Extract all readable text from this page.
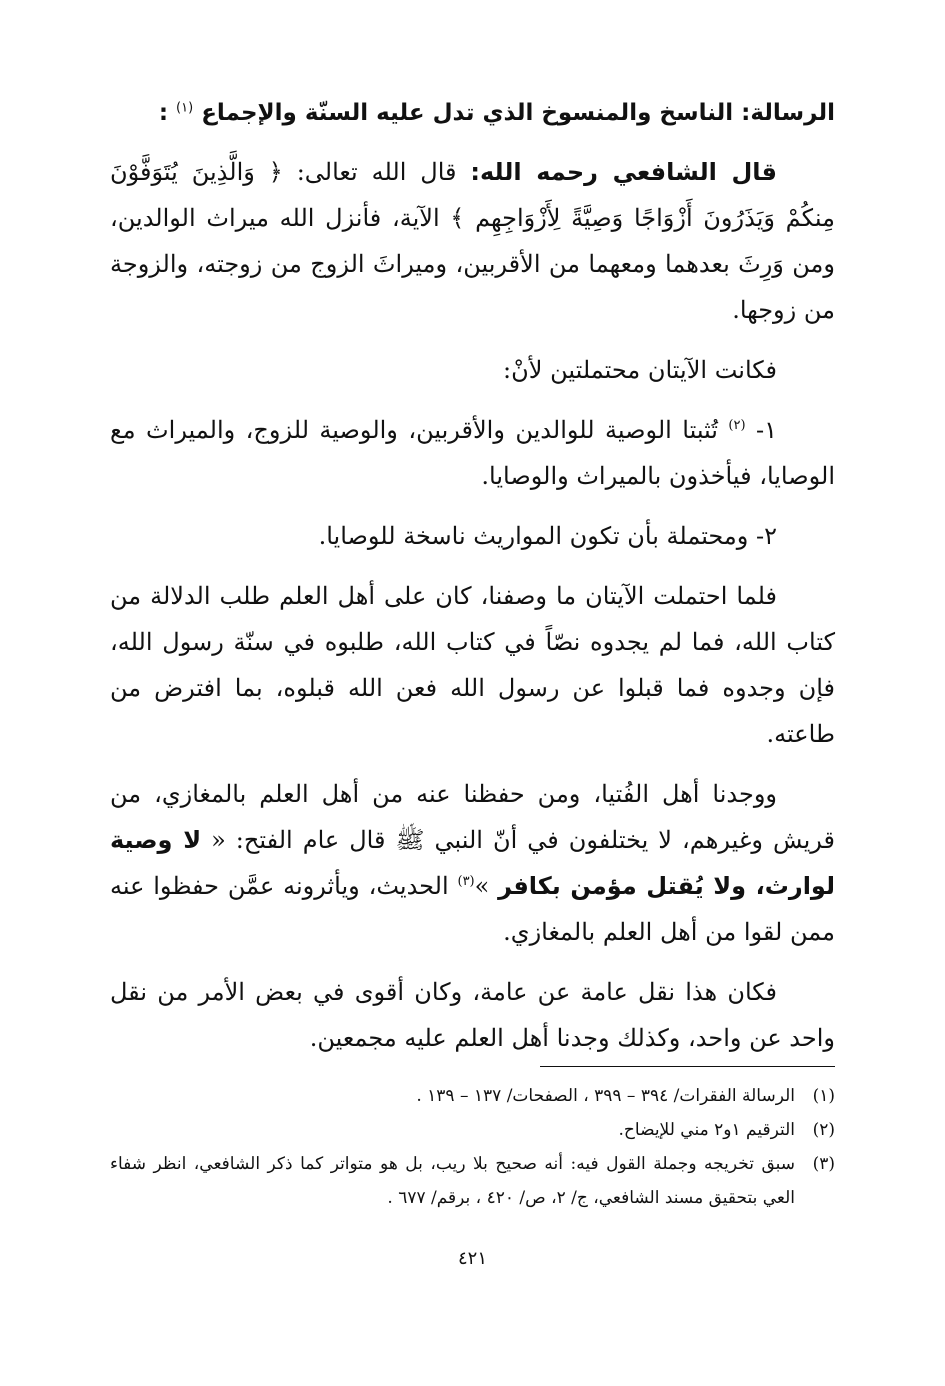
الرسالة: الناسخ والمنسوخ الذي تدل عليه السنّة والإجماع $^{(١)}$ :

قال الشافعي رحمه الله: قال الله تعالى: ﴿ وَالَّذِينَ يُتَوَفَّوْنَ مِنكُمْ وَيَذَرُونَ أَزْوَاجًا وَصِيَّةً لِأَزْوَاجِهِم ﴾ الآية، فأنزل الله ميراث الوالدين، ومن وَرِثَ بعدهما ومعهما من الأقربين، وميراثَ الزوج من زوجته، والزوجة من زوجها.

فكانت الآيتان محتملتين لأنْ:

١- $^{(٢)}$ تُثبتا الوصية للوالدين والأقربين، والوصية للزوج، والميراث مع الوصايا، فيأخذون بالميراث والوصايا.

٢- ومحتملة بأن تكون المواريث ناسخة للوصايا.

فلما احتملت الآيتان ما وصفنا، كان على أهل العلم طلب الدلالة من كتاب الله، فما لم يجدوه نصّاً في كتاب الله، طلبوه في سنّة رسول الله، فإن وجدوه فما قبلوا عن رسول الله فعن الله قبلوه، بما افترض من طاعته.

ووجدنا أهل الفُتيا، ومن حفظنا عنه من أهل العلم بالمغازي، من قريش وغيرهم، لا يختلفون في أنّ النبي ﷺ قال عام الفتح: « لا وصية لوارث، ولا يُقتل مؤمن بكافر »$^{(٣)}$ الحديث، ويأثرونه عمَّن حفظوا عنه ممن لقوا من أهل العلم بالمغازي.

فكان هذا نقل عامة عن عامة، وكان أقوى في بعض الأمر من نقل واحد عن واحد، وكذلك وجدنا أهل العلم عليه مجمعين.

(١)
الرسالة الفقرات/ ٣٩٤ – ٣٩٩ ، الصفحات/ ١٣٧ – ١٣٩ .
(٢)
الترقيم ١و٢ مني للإيضاح.
(٣)
سبق تخريجه وجملة القول فيه: أنه صحيح بلا ريب، بل هو متواتر كما ذكر الشافعي، انظر شفاء العي بتحقيق مسند الشافعي، ج/ ٢، ص/ ٤٢٠ ، برقم/ ٦٧٧ .
٤٢١
